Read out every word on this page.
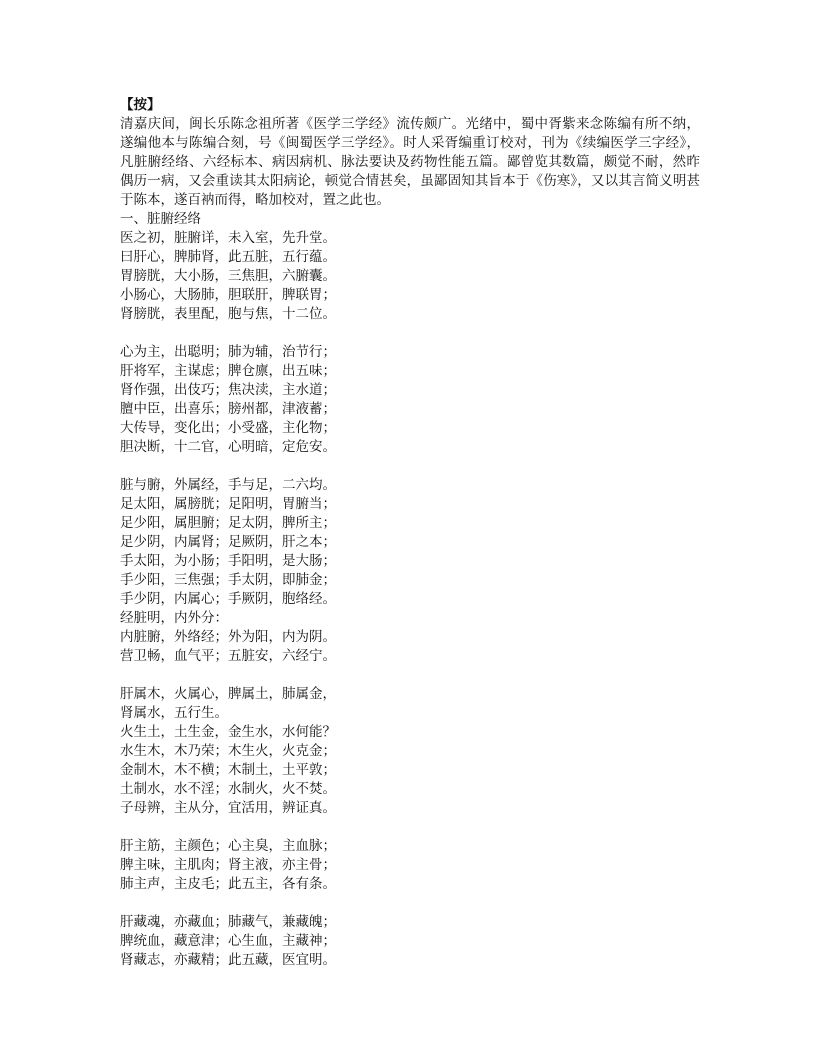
【按】
清嘉庆间，闽长乐陈念祖所著《医学三学经》流传颇广。光绪中，蜀中胥紫来念陈编有所不纳，遂编他本与陈编合刻，号《闽蜀医学三学经》。时人采胥编重订校对，刊为《续编医学三字经》，凡脏腑经络、六经标本、病因病机、脉法要诀及药物性能五篇。鄙曾览其数篇，颇觉不耐，然昨偶历一病，又会重读其太阳病论，顿觉合情甚矣，虽鄙固知其旨本于《伤寒》，又以其言简义明甚于陈本，遂百衲而得，略加校对，置之此也。
一、脏腑经络
医之初，脏腑详，未入室，先升堂。
曰肝心，脾肺肾，此五脏，五行蕴。
胃膀胱，大小肠，三焦胆，六腑囊。
小肠心，大肠肺，胆联肝，脾联胃；
肾膀胱，表里配，胞与焦，十二位。
心为主，出聪明；肺为辅，治节行；
肝将军，主谋虑；脾仓廪，出五味；
肾作强，出伎巧；焦决渎，主水道；
膻中臣，出喜乐；膀州都，津液蓄；
大传导，变化出；小受盛，主化物；
胆决断，十二官，心明暗，定危安。
脏与腑，外属经，手与足，二六均。
足太阳，属膀胱；足阳明，胃腑当；
足少阳，属胆腑；足太阴，脾所主；
足少阴，内属肾；足厥阴，肝之本；
手太阳，为小肠；手阳明，是大肠；
手少阳，三焦强；手太阴，即肺金；
手少阴，内属心；手厥阴，胞络经。
经脏明，内外分：
内脏腑，外络经；外为阳，内为阴。
营卫畅，血气平；五脏安，六经宁。
肝属木，火属心，脾属土，肺属金，
肾属水，五行生。
火生土，土生金，金生水，水何能？
水生木，木乃荣；木生火，火克金；
金制木，木不横；木制土，土平敦；
土制水，水不淫；水制火，火不焚。
子母辨，主从分，宜活用，辨证真。
肝主筋，主颜色；心主臭，主血脉；
脾主味，主肌肉；肾主液，亦主骨；
肺主声，主皮毛；此五主，各有条。
肝藏魂，亦藏血；肺藏气，兼藏魄；
脾统血，藏意津；心生血，主藏神；
肾藏志，亦藏精；此五藏，医宜明。
